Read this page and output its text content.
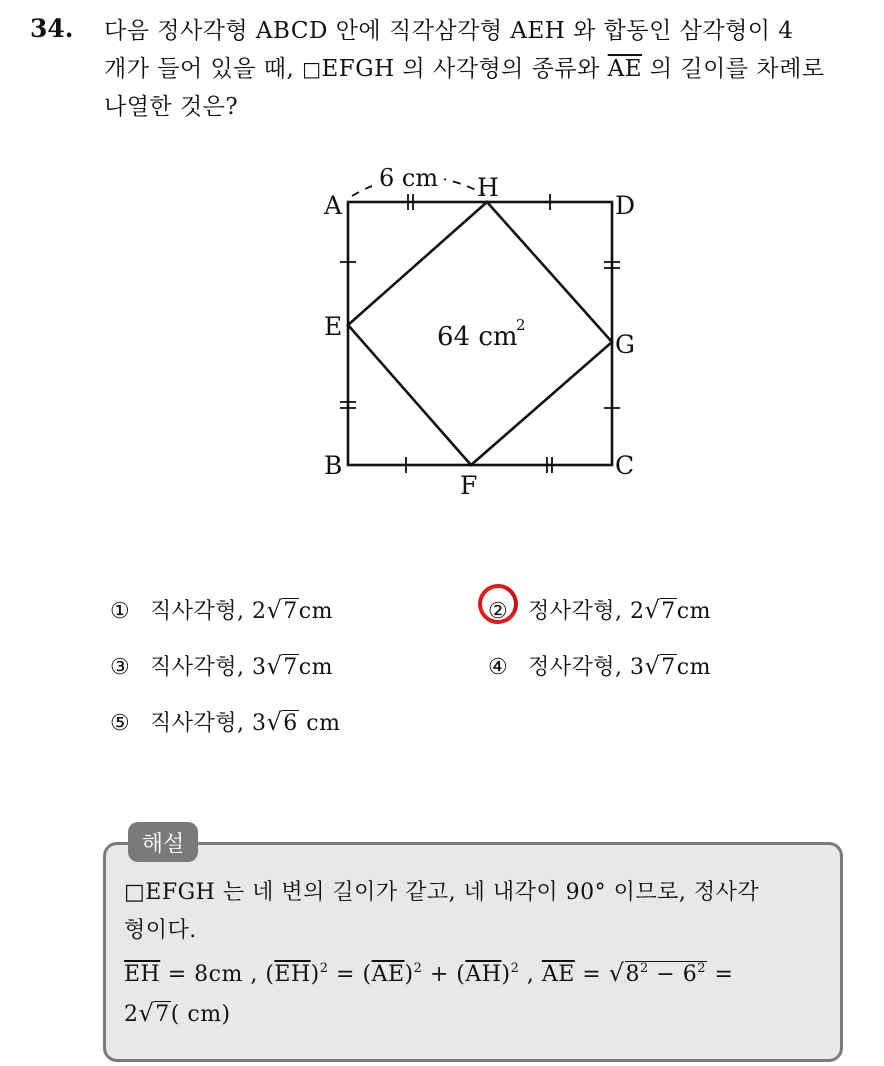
34. 다음 정사각형 ABCD 안에 직각삼각형 AEH 와 합동인 삼각형이 4
개가 들어 있을 때, □EFGH 의 사각형의 종류와 $\overline{AE}$ 의 길이를 차례로
나열한 것은?
6 cm
A
H
D
E
G
B
F
C
64 cm
2
① 직사각형, 2√7cm	② 정사각형, 2√7cm
③ 직사각형, 3√7cm	④ 정사각형, 3√7cm
⑤ 직사각형, 3√6 cm
해설
□EFGH 는 네 변의 길이가 같고, 네 내각이 90° 이므로, 정사각
형이다.
$\overline{EH} = 8cm$ , $(\overline{EH})^2 = (\overline{AE})^2 + (\overline{AH})^2$ , $\overline{AE} = √8^2 - 6^2$ =
2√7( cm)
